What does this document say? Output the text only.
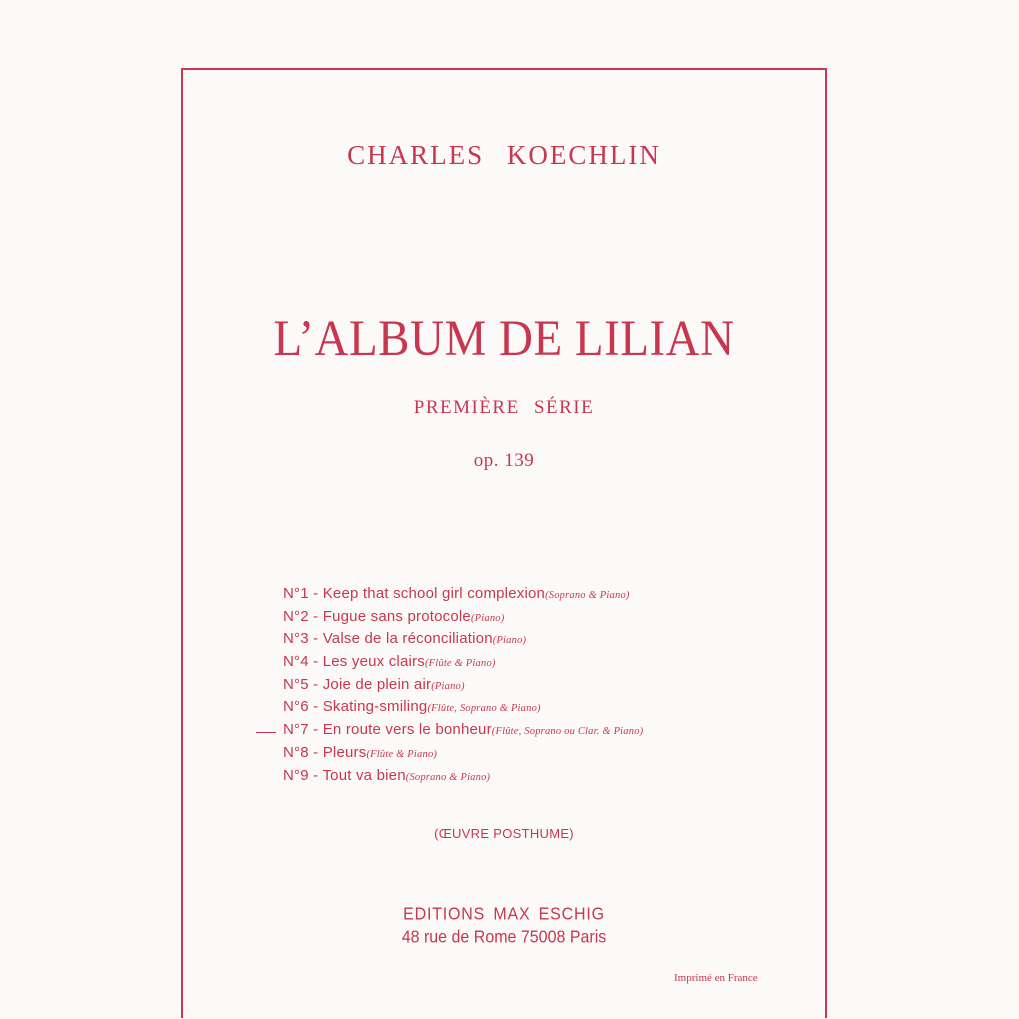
CHARLES KOECHLIN
L’ALBUM DE LILIAN
PREMIÈRE SÉRIE
op. 139
N°1 - Keep that school girl complexion(Soprano & Piano)
N°2 - Fugue sans protocole(Piano)
N°3 - Valse de la réconciliation(Piano)
N°4 - Les yeux clairs(Flûte & Piano)
N°5 - Joie de plein air(Piano)
N°6 - Skating-smiling(Flûte, Soprano & Piano)
N°7 - En route vers le bonheur(Flûte, Soprano ou Clar. & Piano)
N°8 - Pleurs(Flûte & Piano)
N°9 - Tout va bien(Soprano & Piano)
(ŒUVRE POSTHUME)
EDITIONS MAX ESCHIG
48 rue de Rome 75008 Paris
Imprimé en France
